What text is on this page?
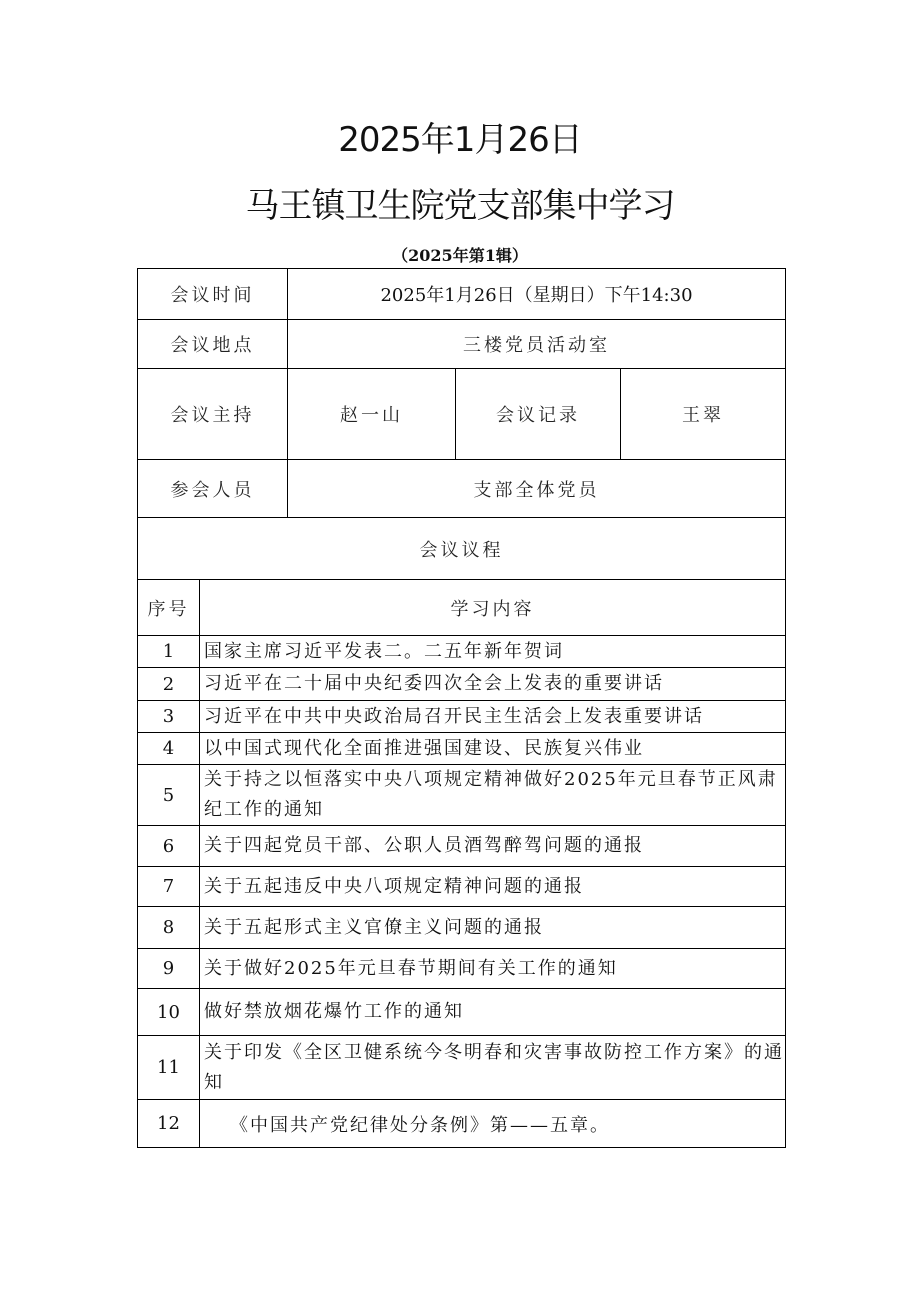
2025年1月26日
马王镇卫生院党支部集中学习
（2025年第1辑）
会议时间		2025年1月26日（星期日）下午14:30		
会议地点		三楼党员活动室		
会议主持		赵一山	会议记录	王翠
参会人员		支部全体党员		
会议议程				
序号	学习内容			
1	国家主席习近平发表二。二五年新年贺词			
2	习近平在二十届中央纪委四次全会上发表的重要讲话			
3	习近平在中共中央政治局召开民主生活会上发表重要讲话			
4	以中国式现代化全面推进强国建设、民族复兴伟业			
5	关于持之以恒落实中央八项规定精神做好2025年元旦春节正风肃纪工作的通知			
6	关于四起党员干部、公职人员酒驾醉驾问题的通报			
7	关于五起违反中央八项规定精神问题的通报			
8	关于五起形式主义官僚主义问题的通报			
9	关于做好2025年元旦春节期间有关工作的通知			
10	做好禁放烟花爆竹工作的通知			
11	关于印发《全区卫健系统今冬明春和灾害事故防控工作方案》的通知			
12	《中国共产党纪律处分条例》第——五章。			
